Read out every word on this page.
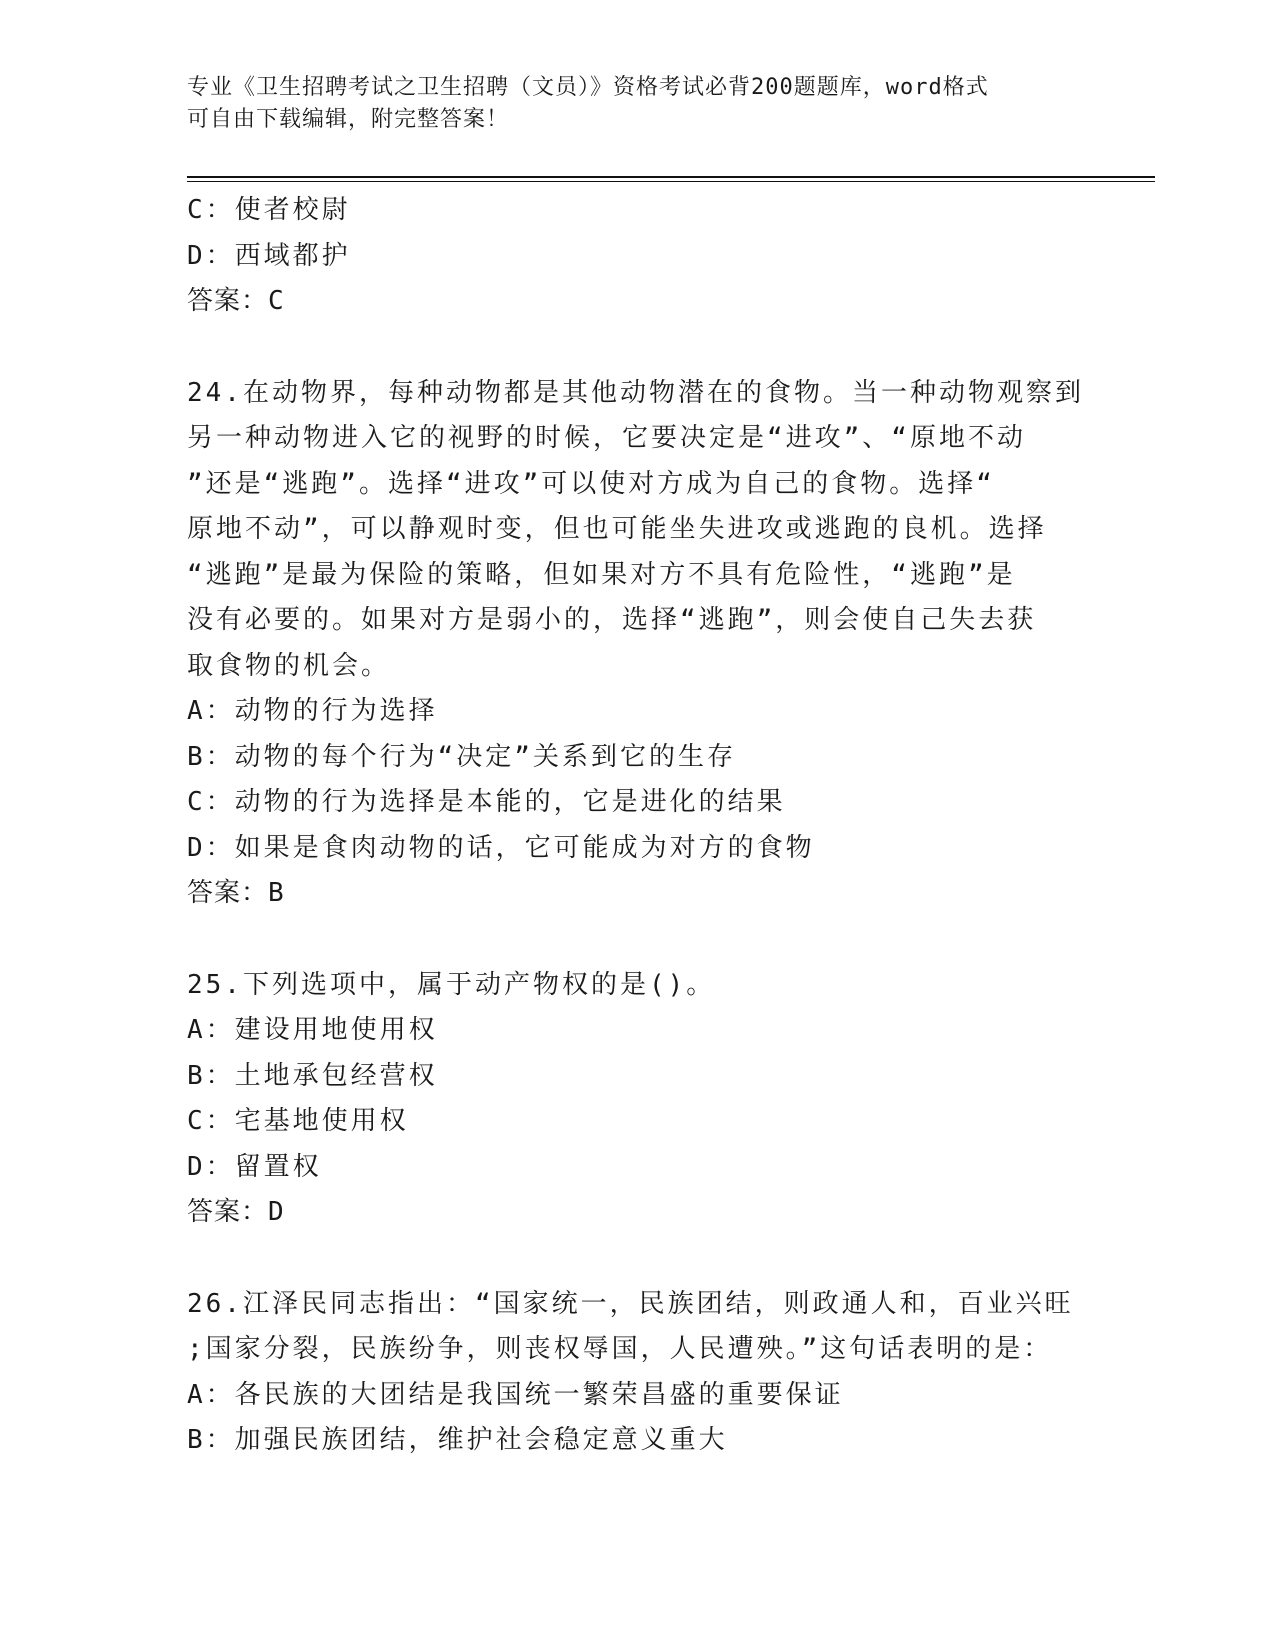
专业《卫生招聘考试之卫生招聘（文员）》资格考试必背200题题库，word格式
可自由下载编辑，附完整答案！
C：使者校尉
D：西域都护
答案：C
24.在动物界，每种动物都是其他动物潜在的食物。当一种动物观察到
另一种动物进入它的视野的时候，它要决定是“进攻”、“原地不动
”还是“逃跑”。选择“进攻”可以使对方成为自己的食物。选择“
原地不动”，可以静观时变，但也可能坐失进攻或逃跑的良机。选择
“逃跑”是最为保险的策略，但如果对方不具有危险性，“逃跑”是
没有必要的。如果对方是弱小的，选择“逃跑”，则会使自己失去获
取食物的机会。
A：动物的行为选择
B：动物的每个行为“决定”关系到它的生存
C：动物的行为选择是本能的，它是进化的结果
D：如果是食肉动物的话，它可能成为对方的食物
答案：B
25.下列选项中，属于动产物权的是()。
A：建设用地使用权
B：土地承包经营权
C：宅基地使用权
D：留置权
答案：D
26.江泽民同志指出：“国家统一，民族团结，则政通人和，百业兴旺
;国家分裂，民族纷争，则丧权辱国，人民遭殃。”这句话表明的是：
A：各民族的大团结是我国统一繁荣昌盛的重要保证
B：加强民族团结，维护社会稳定意义重大
